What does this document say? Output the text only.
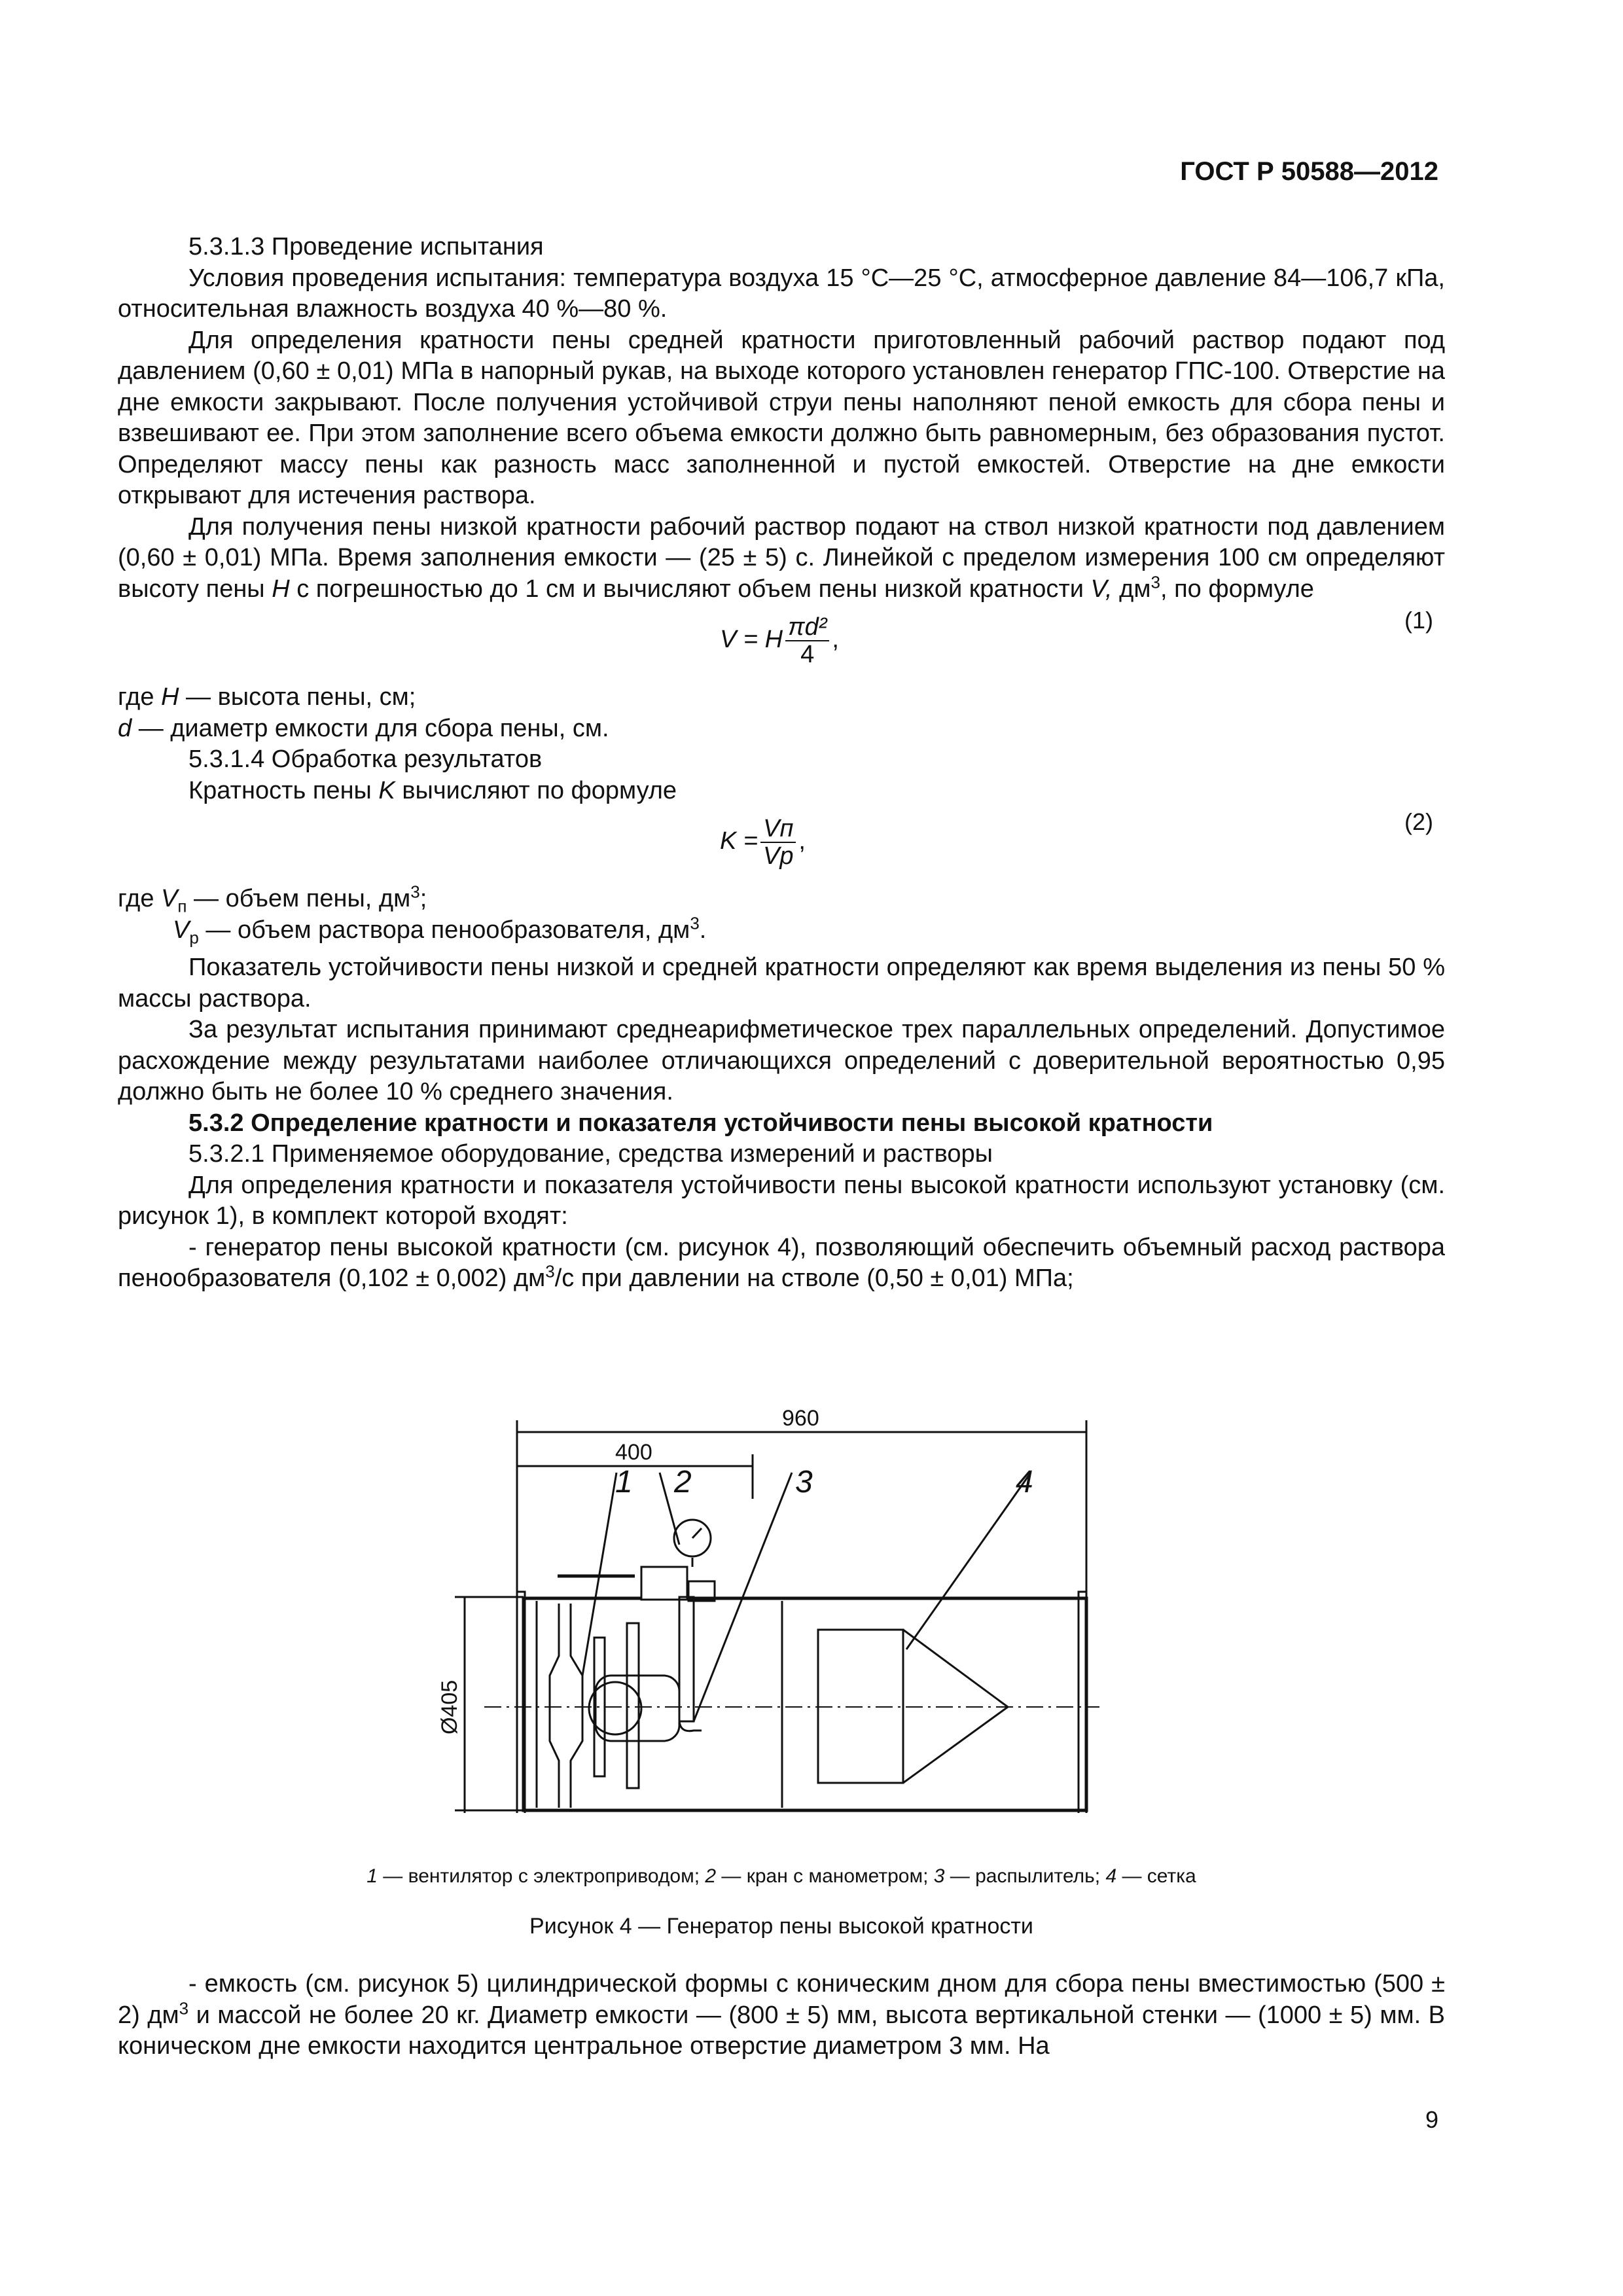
ГОСТ Р 50588—2012

5.3.1.3 Проведение испытания

Условия проведения испытания: температура воздуха 15 °С—25 °С, атмосферное давление 84—106,7 кПа, относительная влажность воздуха 40 %—80 %.

Для определения кратности пены средней кратности приготовленный рабочий раствор подают под давлением (0,60 ± 0,01) МПа в напорный рукав, на выходе которого установлен генератор ГПС-100. Отверстие на дне емкости закрывают. После получения устойчивой струи пены наполняют пеной емкость для сбора пены и взвешивают ее. При этом заполнение всего объема емкости должно быть равномерным, без образования пустот. Определяют массу пены как разность масс заполненной и пустой емкостей. Отверстие на дне емкости открывают для истечения раствора.

Для получения пены низкой кратности рабочий раствор подают на ствол низкой кратности под давлением (0,60 ± 0,01) МПа. Время заполнения емкости — (25 ± 5) с. Линейкой с пределом измерения 100 см определяют высоту пены H с погрешностью до 1 см и вычисляют объем пены низкой кратности V, $дм^3$, по формуле

V = H $\frac{\text{πd²}}{4}$ ,
(1)

где H — высота пены, см;

d — диаметр емкости для сбора пены, см.

5.3.1.4 Обработка результатов

Кратность пены K вычисляют по формуле

$K = \frac{Vп}{Vр}$ ,
(2)

где $V_п$ — объем пены, $дм^3$;

$V_р$ — объем раствора пенообразователя, $дм^3$.

Показатель устойчивости пены низкой и средней кратности определяют как время выделения из пены 50 % массы раствора.

За результат испытания принимают среднеарифметическое трех параллельных определений. Допустимое расхождение между результатами наиболее отличающихся определений с доверительной вероятностью 0,95 должно быть не более 10 % среднего значения.

5.3.2 Определение кратности и показателя устойчивости пены высокой кратности

5.3.2.1 Применяемое оборудование, средства измерений и растворы

Для определения кратности и показателя устойчивости пены высокой кратности используют установку (см. рисунок 1), в комплект которой входят:

- генератор пены высокой кратности (см. рисунок 4), позволяющий обеспечить объемный расход раствора пенообразователя (0,102 ± 0,002) $дм^3/с$ при давлении на стволе (0,50 ± 0,01) МПа;

960
400
Ø405
1 2	3	4
1 — вентилятор с электроприводом; 2 — кран с манометром; 3 — распылитель; 4 — сетка
Рисунок 4 — Генератор пены высокой кратности

- емкость (см. рисунок 5) цилиндрической формы с коническим дном для сбора пены вместимостью (500 ± 2) $дм^3$ и массой не более 20 кг. Диаметр емкости — (800 ± 5) мм, высота вертикальной стенки — (1000 ± 5) мм. В коническом дне емкости находится центральное отверстие диаметром 3 мм. На

9
